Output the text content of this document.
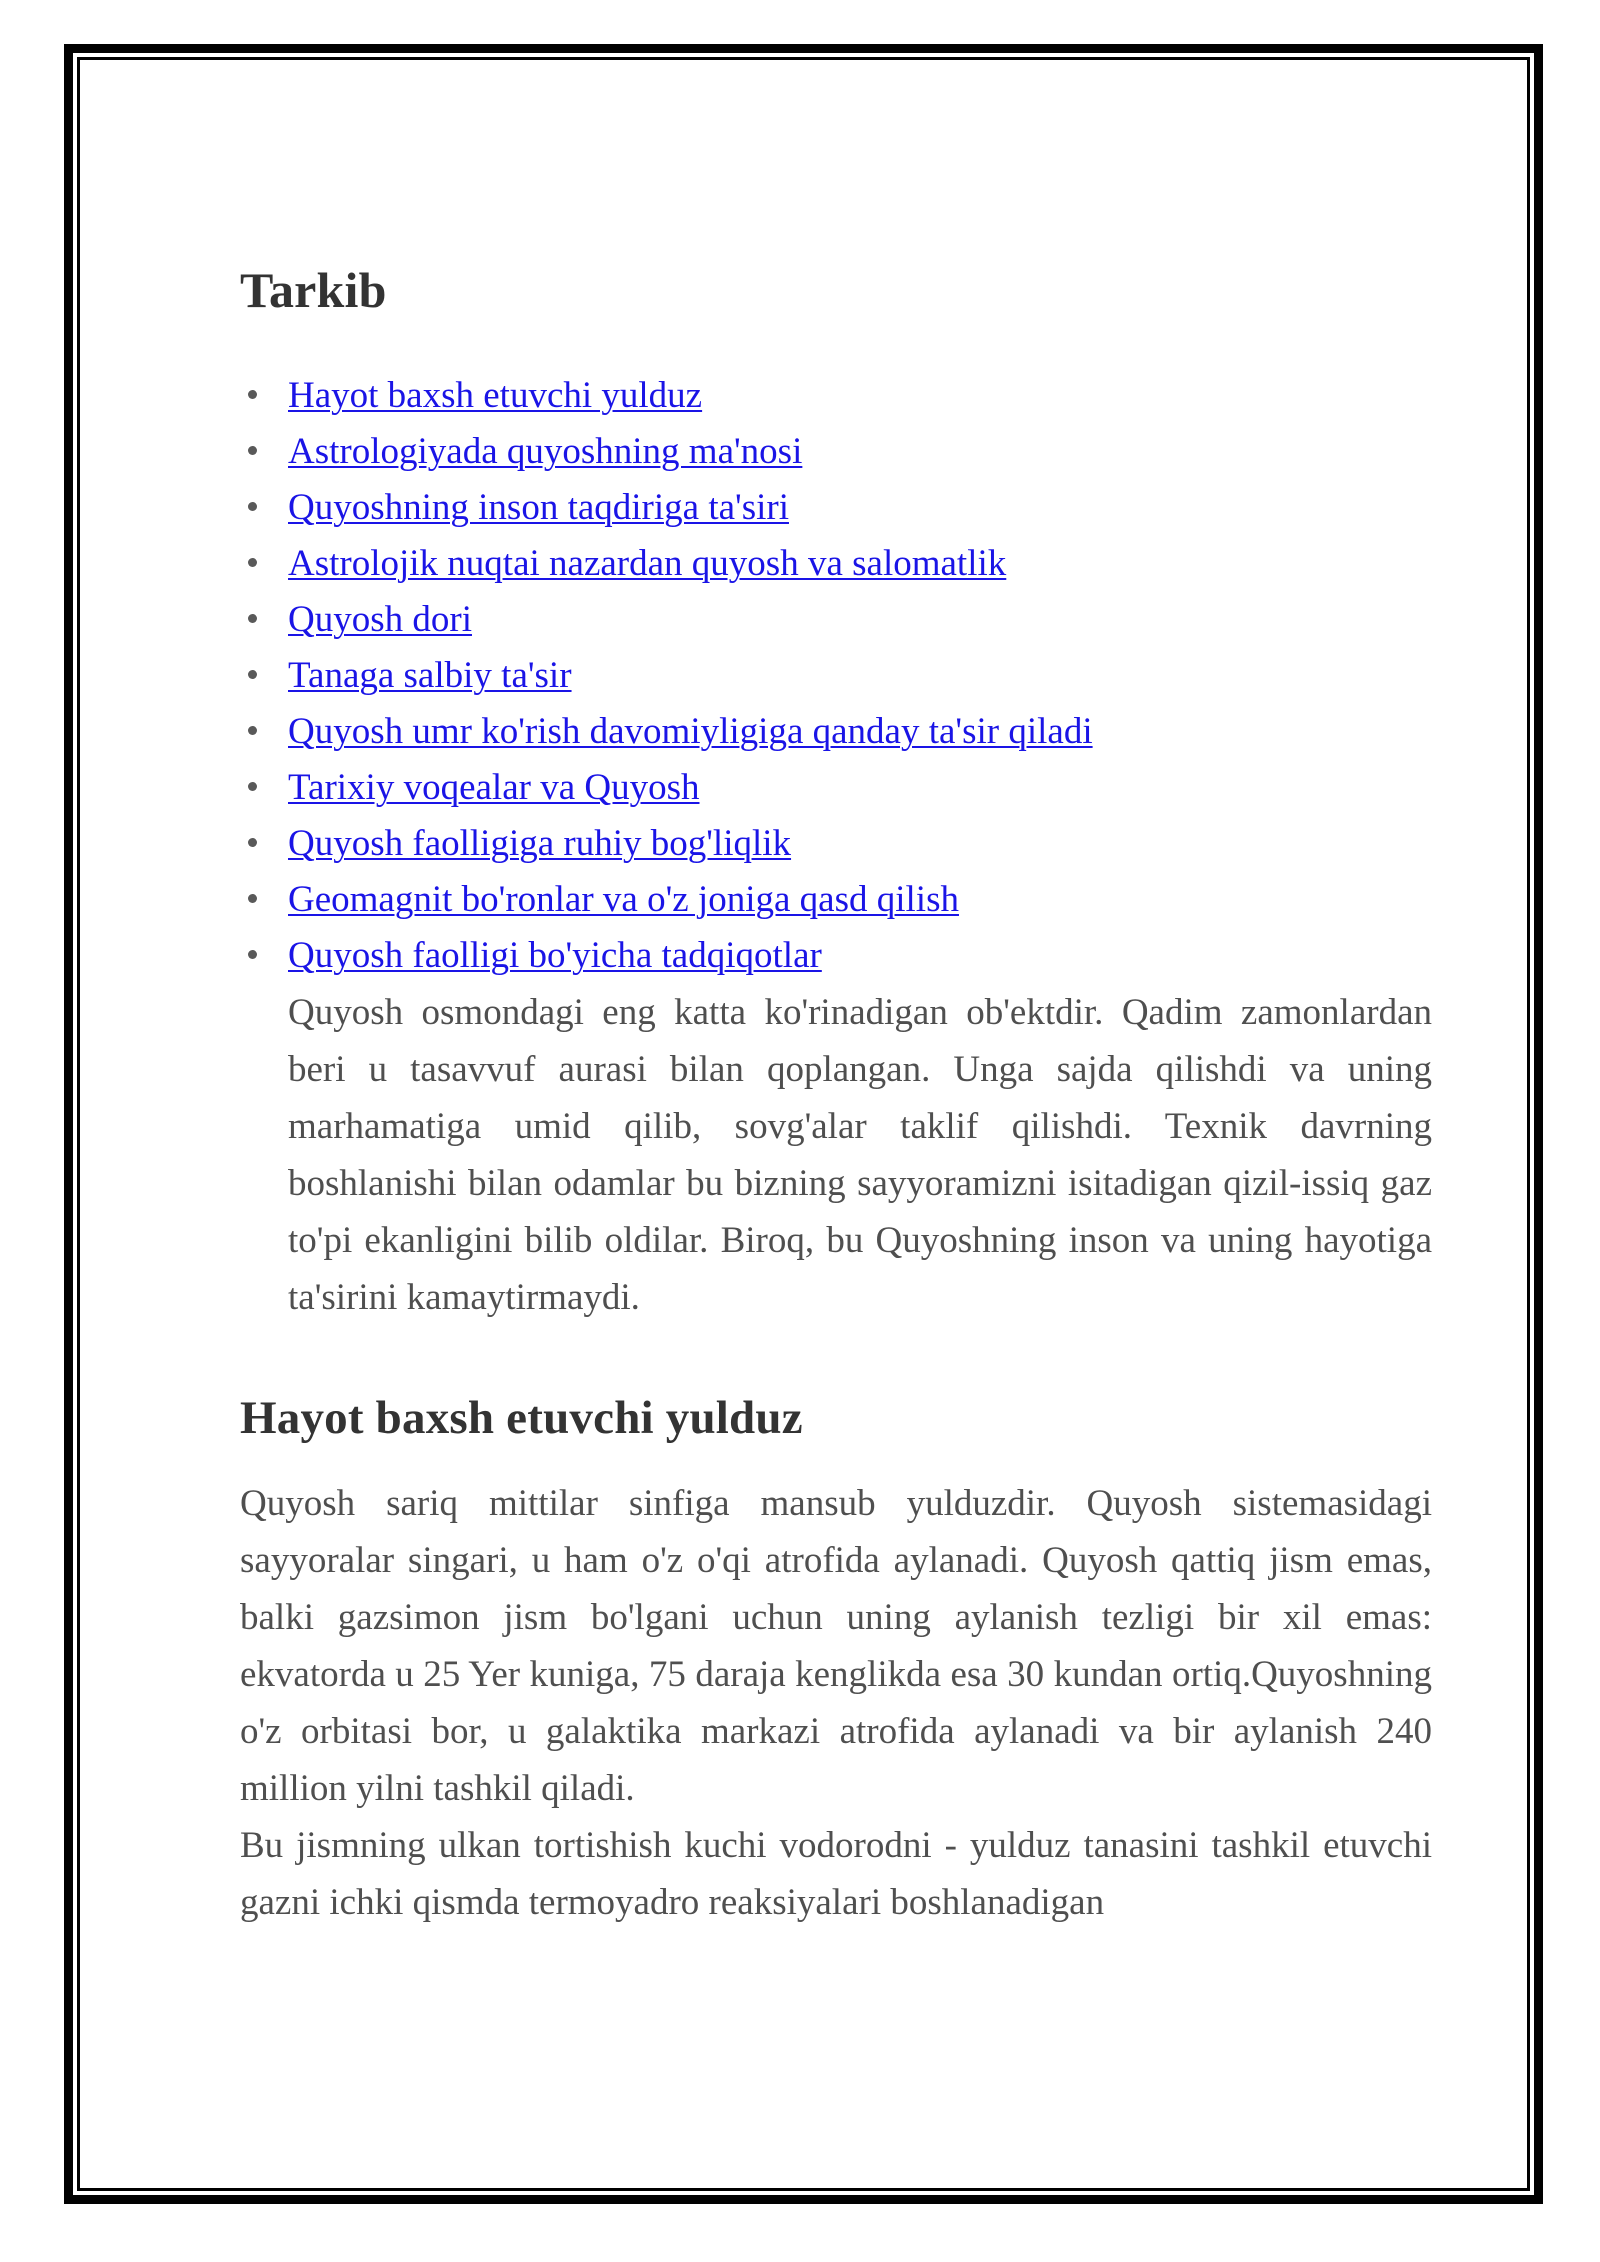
Tarkib
Hayot baxsh etuvchi yulduz
Astrologiyada quyoshning ma'nosi
Quyoshning inson taqdiriga ta'siri
Astrolojik nuqtai nazardan quyosh va salomatlik
Quyosh dori
Tanaga salbiy ta'sir
Quyosh umr ko'rish davomiyligiga qanday ta'sir qiladi
Tarixiy voqealar va Quyosh
Quyosh faolligiga ruhiy bog'liqlik
Geomagnit bo'ronlar va o'z joniga qasd qilish
Quyosh faolligi bo'yicha tadqiqotlar

Quyosh osmondagi eng katta ko'rinadigan ob'ektdir. Qadim zamonlardan beri u tasavvuf aurasi bilan qoplangan. Unga sajda qilishdi va uning marhamatiga umid qilib, sovg'alar taklif qilishdi. Texnik davrning boshlanishi bilan odamlar bu bizning sayyoramizni isitadigan qizil-issiq gaz to'pi ekanligini bilib oldilar. Biroq, bu Quyoshning inson va uning hayotiga ta'sirini kamaytirmaydi.

Hayot baxsh etuvchi yulduz

Quyosh sariq mittilar sinfiga mansub yulduzdir. Quyosh sistemasidagi sayyoralar singari, u ham o'z o'qi atrofida aylanadi. Quyosh qattiq jism emas, balki gazsimon jism bo'lgani uchun uning aylanish tezligi bir xil emas: ekvatorda u 25 Yer kuniga, 75 daraja kenglikda esa 30 kundan ortiq.Quyoshning o'z orbitasi bor, u galaktika markazi atrofida aylanadi va bir aylanish 240 million yilni tashkil qiladi.

Bu jismning ulkan tortishish kuchi vodorodni - yulduz tanasini tashkil etuvchi gazni ichki qismda termoyadro reaksiyalari boshlanadigan
